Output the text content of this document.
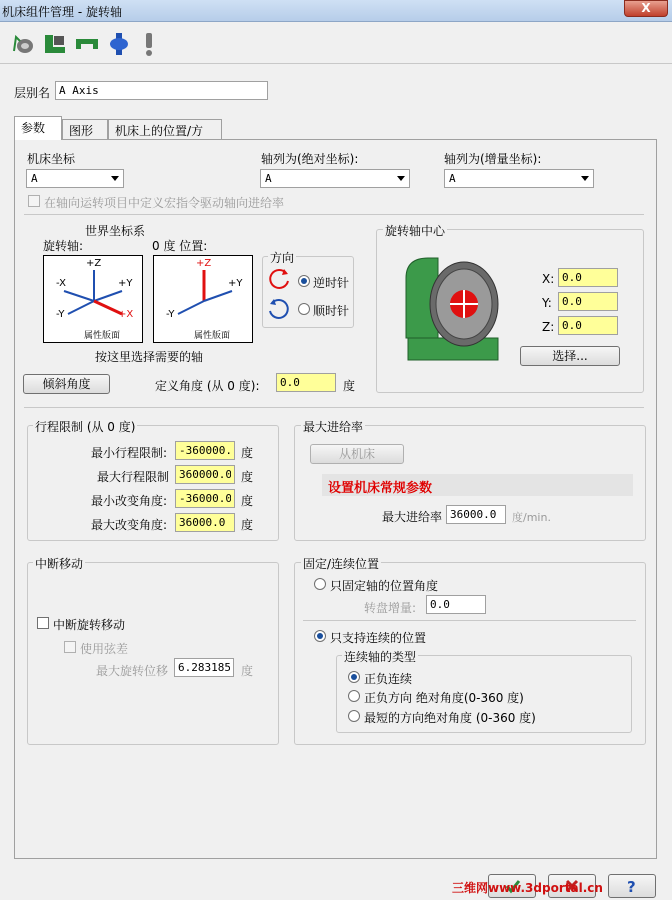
机床组件管理 - 旋转轴	X
层别名
A Axis
参数	图形	机床上的位置/方
机床坐标
A
轴列为(绝对坐标):
A
轴列为(增量坐标):
A
在轴向运转项目中定义宏指令驱动轴向进给率
世界坐标系
旋转轴:	0 度 位置:
+Z
-X	+Y
-Y	+X
属性版面
+Z
+Y
-Y
属性版面
方向
逆时针
顺时针
按这里选择需要的轴
倾斜角度	定义角度 (从 0 度):
0.0	度
旋转轴中心
X:
0.0
Y:
0.0
Z:
0.0
选择...
行程限制 (从 0 度)
最小行程限制:
-360000.0	度
最大行程限制
360000.0	度
最小改变角度:
-36000.0	度
最大改变角度:
36000.0	度
最大进给率
从机床
设置机床常规参数
最大进给率
36000.0	度/min.
中断移动
中断旋转移动
使用弦差
最大旋转位移
6.283185	度
固定/连续位置
只固定轴的位置角度
转盘增量:
0.0
只支持连续的位置
连续轴的类型
正负连续
正负方向 绝对角度(0-360 度)
最短的方向绝对角度 (0-360 度)
?
三维网www.3dportal.cn
